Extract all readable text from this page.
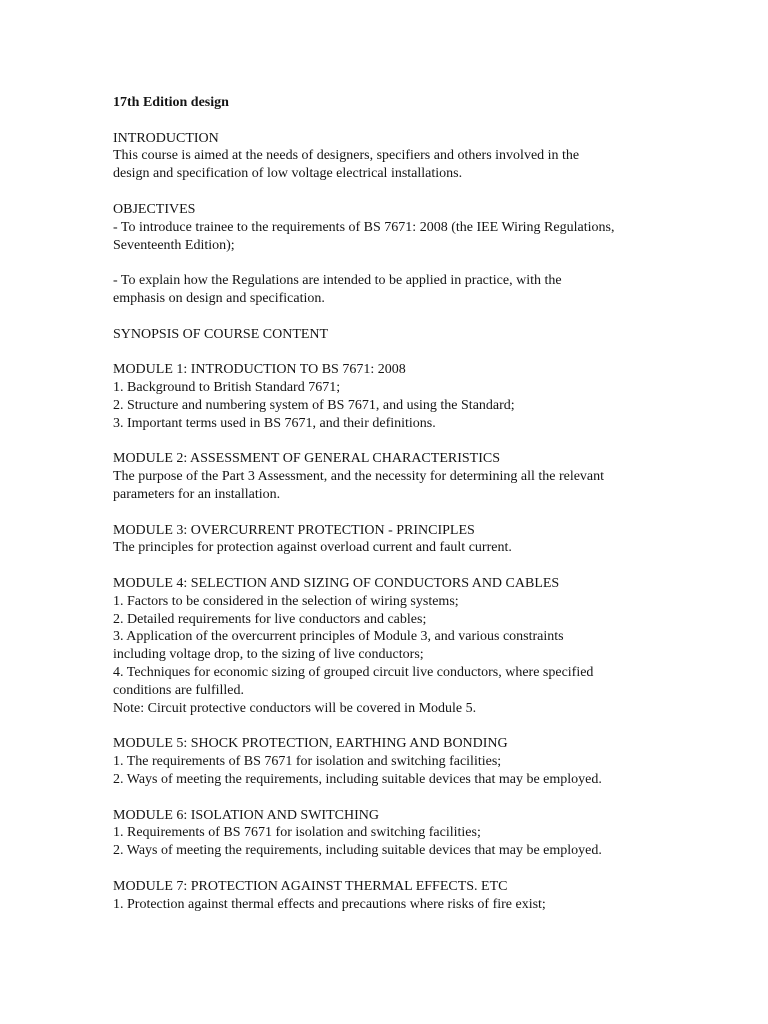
17th Edition design
INTRODUCTION
This course is aimed at the needs of designers, specifiers and others involved in the
design and specification of low voltage electrical installations.
OBJECTIVES
- To introduce trainee to the requirements of BS 7671: 2008 (the IEE Wiring Regulations,
Seventeenth Edition);
- To explain how the Regulations are intended to be applied in practice, with the
emphasis on design and specification.
SYNOPSIS OF COURSE CONTENT
MODULE 1: INTRODUCTION TO BS 7671: 2008
1. Background to British Standard 7671;
2. Structure and numbering system of BS 7671, and using the Standard;
3. Important terms used in BS 7671, and their definitions.
MODULE 2: ASSESSMENT OF GENERAL CHARACTERISTICS
The purpose of the Part 3 Assessment, and the necessity for determining all the relevant
parameters for an installation.
MODULE 3: OVERCURRENT PROTECTION - PRINCIPLES
The principles for protection against overload current and fault current.
MODULE 4: SELECTION AND SIZING OF CONDUCTORS AND CABLES
1. Factors to be considered in the selection of wiring systems;
2. Detailed requirements for live conductors and cables;
3. Application of the overcurrent principles of Module 3, and various constraints
including voltage drop, to the sizing of live conductors;
4. Techniques for economic sizing of grouped circuit live conductors, where specified
conditions are fulfilled.
Note: Circuit protective conductors will be covered in Module 5.
MODULE 5: SHOCK PROTECTION, EARTHING AND BONDING
1. The requirements of BS 7671 for isolation and switching facilities;
2. Ways of meeting the requirements, including suitable devices that may be employed.
MODULE 6: ISOLATION AND SWITCHING
1. Requirements of BS 7671 for isolation and switching facilities;
2. Ways of meeting the requirements, including suitable devices that may be employed.
MODULE 7: PROTECTION AGAINST THERMAL EFFECTS. ETC
1. Protection against thermal effects and precautions where risks of fire exist;
